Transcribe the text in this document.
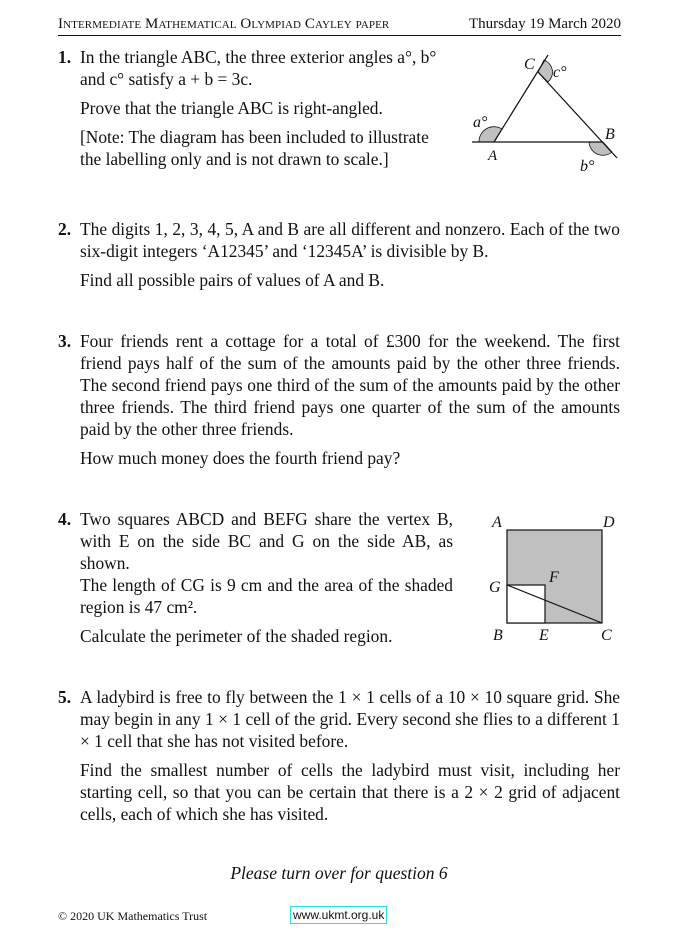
Intermediate Mathematical Olympiad Cayley paper	Thursday 19 March 2020
1. In the triangle ABC, the three exterior angles a°, b° and c° satisfy a + b = 3c.

Prove that the triangle ABC is right-angled.

[Note: The diagram has been included to illustrate the labelling only and is not drawn to scale.]

C c°
a°
A
B
b°
2. The digits 1, 2, 3, 4, 5, A and B are all different and nonzero. Each of the two six-digit integers ‘A12345’ and ‘12345A’ is divisible by B.

Find all possible pairs of values of A and B.

3. Four friends rent a cottage for a total of £300 for the weekend. The first friend pays half of the sum of the amounts paid by the other three friends. The second friend pays one third of the sum of the amounts paid by the other three friends. The third friend pays one quarter of the sum of the amounts paid by the other three friends.

How much money does the fourth friend pay?

4. Two squares ABCD and BEFG share the vertex B, with E on the side BC and G on the side AB, as shown.

The length of CG is 9 cm and the area of the shaded region is 47 cm².

Calculate the perimeter of the shaded region.

A	D
G
F
B E	C
5. A ladybird is free to fly between the 1 × 1 cells of a 10 × 10 square grid. She may begin in any 1 × 1 cell of the grid. Every second she flies to a different 1 × 1 cell that she has not visited before.

Find the smallest number of cells the ladybird must visit, including her starting cell, so that you can be certain that there is a 2 × 2 grid of adjacent cells, each of which she has visited.

Please turn over for question 6
© 2020 UK Mathematics Trust	www.ukmt.org.uk
